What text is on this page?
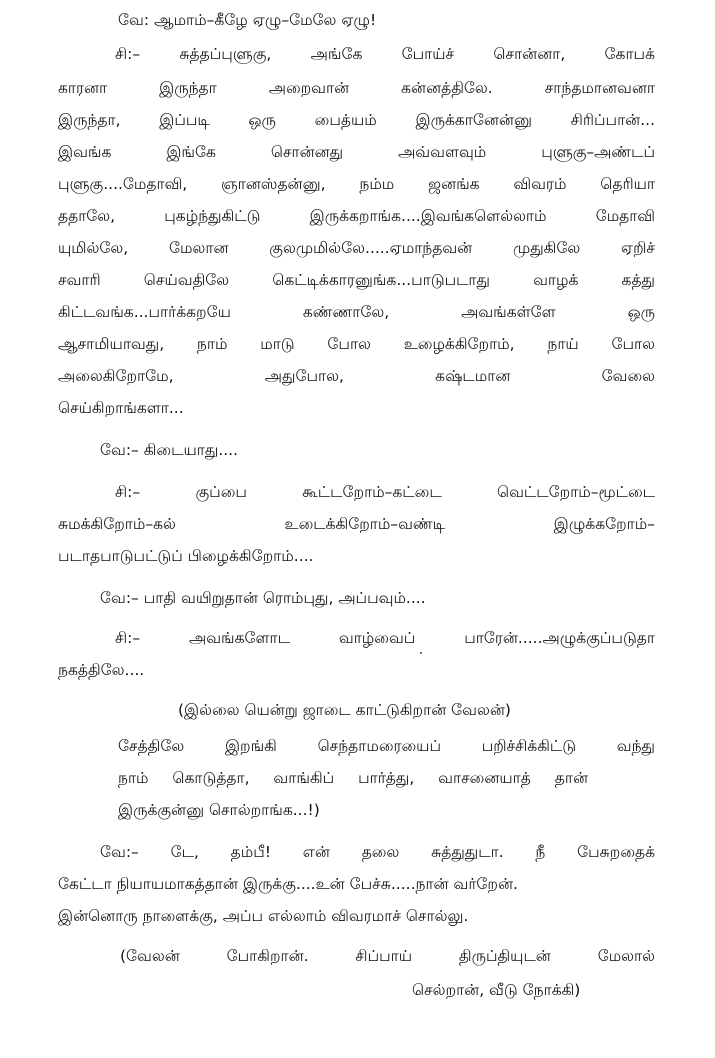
வே: ஆமாம்–கீழே ஏழு–மேலே ஏழு!
சி:– சுத்தப்புளுகு, அங்கே போய்ச் சொன்னா, கோபக்
காரனா இருந்தா அறைவான் கன்னத்திலே. சாந்தமானவனா
இருந்தா, இப்படி ஒரு பைத்யம் இருக்கானேன்னு சிரிப்பான்...
இவங்க இங்கே சொன்னது அவ்வளவும் புளுகு–அண்டப்
புளுகு....மேதாவி, ஞானஸ்தன்னு, நம்ம ஜனங்க விவரம் தெரியா
ததாலே, புகழ்ந்துகிட்டு இருக்கறாங்க....இவங்களெல்லாம் மேதாவி
யுமில்லே, மேலான குலமுமில்லே.....ஏமாந்தவன் முதுகிலே ஏறிச்
சவாரி செய்வதிலே கெட்டிக்காரனுங்க...பாடுபடாது வாழக் கத்து
கிட்டவங்க...பார்க்கறயே கண்ணாலே, அவங்கள்ளே ஒரு
ஆசாமியாவது, நாம் மாடு போல உழைக்கிறோம், நாய் போல
அலைகிறோமே, அதுபோல, கஷ்டமான வேலை
செய்கிறாங்களா...
வே:– கிடையாது....
சி:– குப்பை கூட்டறோம்–கட்டை வெட்டறோம்–மூட்டை
சுமக்கிறோம்–கல் உடைக்கிறோம்–வண்டி இழுக்கறோம்–
படாதபாடுபட்டுப் பிழைக்கிறோம்....
வே:– பாதி வயிறுதான் ரொம்புது, அப்பவும்....
சி:– அவங்களோட வாழ்வைப் பாரேன்.....அழுக்குப்படுதா
நகத்திலே....
(இல்லை யென்று ஜாடை காட்டுகிறான் வேலன்)
சேத்திலே இறங்கி செந்தாமரையைப் பறிச்சிக்கிட்டு வந்து
நாம் கொடுத்தா, வாங்கிப் பார்த்து, வாசனையாத் தான்
இருக்குன்னு சொல்றாங்க...!)
வே:– டே, தம்பீ! என் தலை சுத்துதுடா. நீ பேசுறதைக்
கேட்டா நியாயமாகத்தான் இருக்கு....உன் பேச்சு.....நான் வர்றேன்.
இன்னொரு நாளைக்கு, அப்ப எல்லாம் விவரமாச் சொல்லு.
(வேலன் போகிறான். சிப்பாய் திருப்தியுடன் மேலால்
செல்றான், வீடு நோக்கி)
